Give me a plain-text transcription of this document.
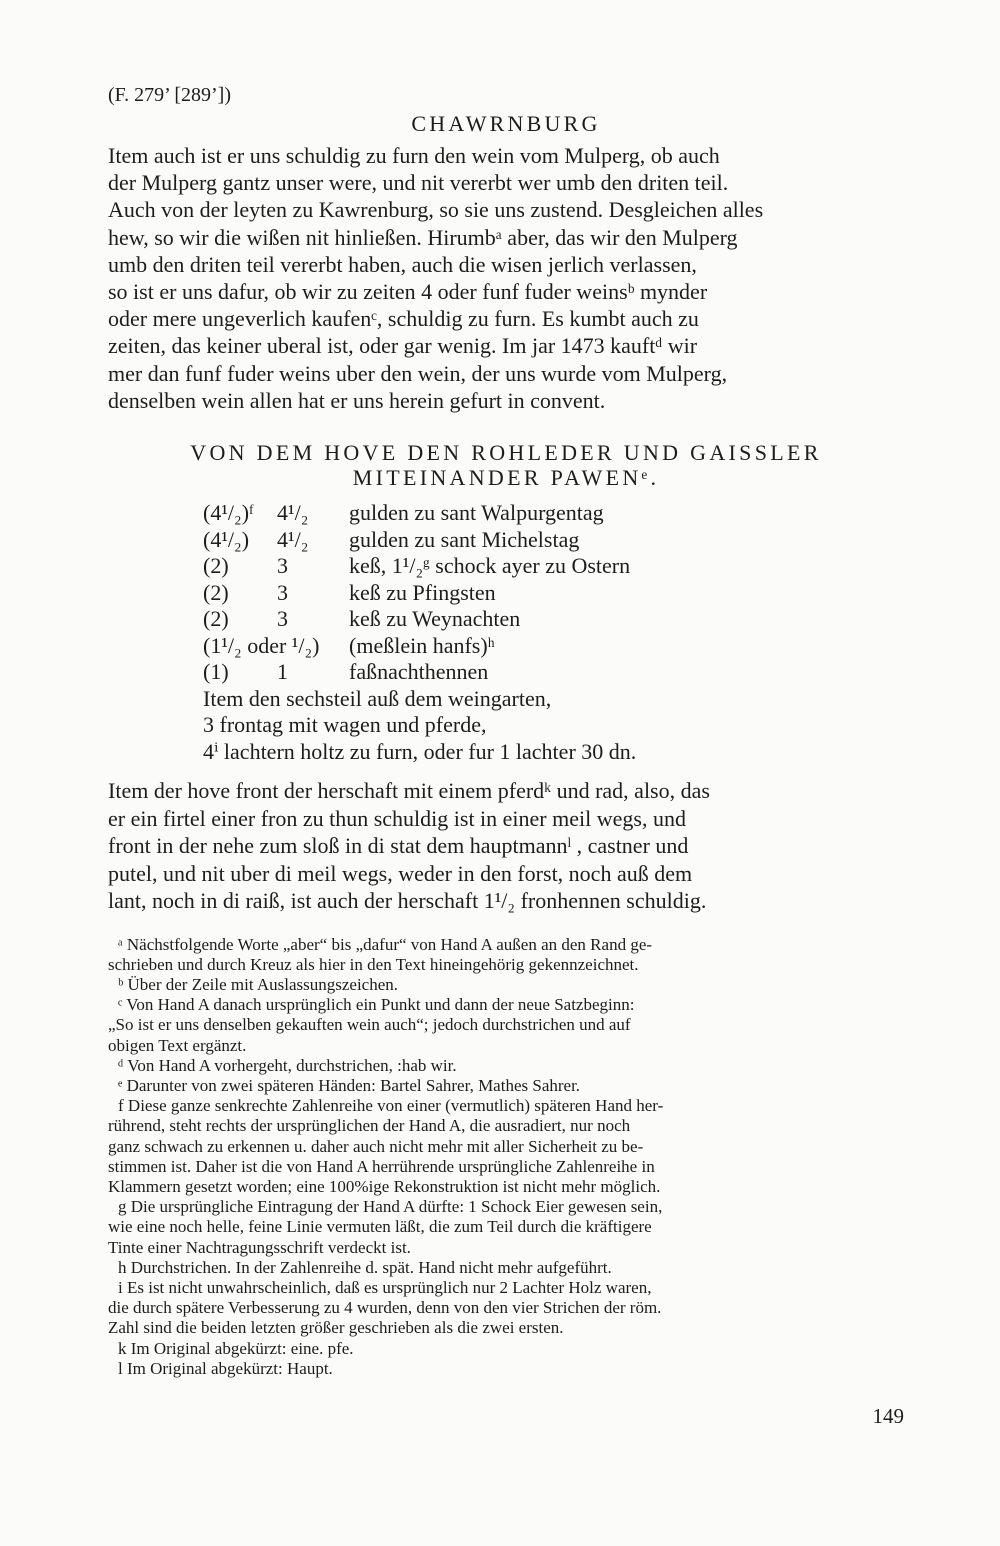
(F. 279’ [289’])

CHAWRNBURG
Item auch ist er uns schuldig zu furn den wein vom Mulperg, ob auch
der Mulperg gantz unser were, und nit vererbt wer umb den driten teil.
Auch von der leyten zu Kawrenburg, so sie uns zustend. Desgleichen alles
hew, so wir die wißen nit hinließen. Hirumbᵃ aber, das wir den Mulperg
umb den driten teil vererbt haben, auch die wisen jerlich verlassen,
so ist er uns dafur, ob wir zu zeiten 4 oder funf fuder weinsᵇ mynder
oder mere ungeverlich kaufenᶜ, schuldig zu furn. Es kumbt auch zu
zeiten, das keiner uberal ist, oder gar wenig. Im jar 1473 kauftᵈ wir
mer dan funf fuder weins uber den wein, der uns wurde vom Mulperg,
denselben wein allen hat er uns herein gefurt in convent.
VON DEM HOVE DEN ROHLEDER UND GAISSLER
MITEINANDER PAWENᵉ.
(4¹/₂)ᶠ	4¹/₂	gulden zu sant Walpurgentag
(4¹/₂)	4¹/₂	gulden zu sant Michelstag
(2)	3	keß, 1¹/₂ᵍ schock ayer zu Ostern
(2)	3	keß zu Pfingsten
(2)	3	keß zu Weynachten
(1¹/₂ oder ¹/₂)	(meßlein hanfs)ʰ
(1)	1	faßnachthennen
Item den sechsteil auß dem weingarten,
3 frontag mit wagen und pferde,
4ⁱ lachtern holtz zu furn, oder fur 1 lachter 30 dn.
Item der hove front der herschaft mit einem pferdᵏ und rad, also, das
er ein firtel einer fron zu thun schuldig ist in einer meil wegs, und
front in der nehe zum sloß in di stat dem hauptmannˡ , castner und
putel, und nit uber di meil wegs, weder in den forst, noch auß dem
lant, noch in di raiß, ist auch der herschaft 1¹/₂ fronhennen schuldig.

ᵃ Nächstfolgende Worte „aber“ bis „dafur“ von Hand A außen an den Rand ge-
schrieben und durch Kreuz als hier in den Text hineingehörig gekennzeichnet.

ᵇ Über der Zeile mit Auslassungszeichen.

ᶜ Von Hand A danach ursprünglich ein Punkt und dann der neue Satzbeginn:
„So ist er uns denselben gekauften wein auch“; jedoch durchstrichen und auf
obigen Text ergänzt.

ᵈ Von Hand A vorhergeht, durchstrichen, :hab wir.

ᵉ Darunter von zwei späteren Händen: Bartel Sahrer, Mathes Sahrer.

f Diese ganze senkrechte Zahlenreihe von einer (vermutlich) späteren Hand her-
rührend, steht rechts der ursprünglichen der Hand A, die ausradiert, nur noch
ganz schwach zu erkennen u. daher auch nicht mehr mit aller Sicherheit zu be-
stimmen ist. Daher ist die von Hand A herrührende ursprüngliche Zahlenreihe in
Klammern gesetzt worden; eine 100%ige Rekonstruktion ist nicht mehr möglich.

g Die ursprüngliche Eintragung der Hand A dürfte: 1 Schock Eier gewesen sein,
wie eine noch helle, feine Linie vermuten läßt, die zum Teil durch die kräftigere
Tinte einer Nachtragungsschrift verdeckt ist.

h Durchstrichen. In der Zahlenreihe d. spät. Hand nicht mehr aufgeführt.

i Es ist nicht unwahrscheinlich, daß es ursprünglich nur 2 Lachter Holz waren,
die durch spätere Verbesserung zu 4 wurden, denn von den vier Strichen der röm.
Zahl sind die beiden letzten größer geschrieben als die zwei ersten.

k Im Original abgekürzt: eine. pfe.

l Im Original abgekürzt: Haupt.

149
